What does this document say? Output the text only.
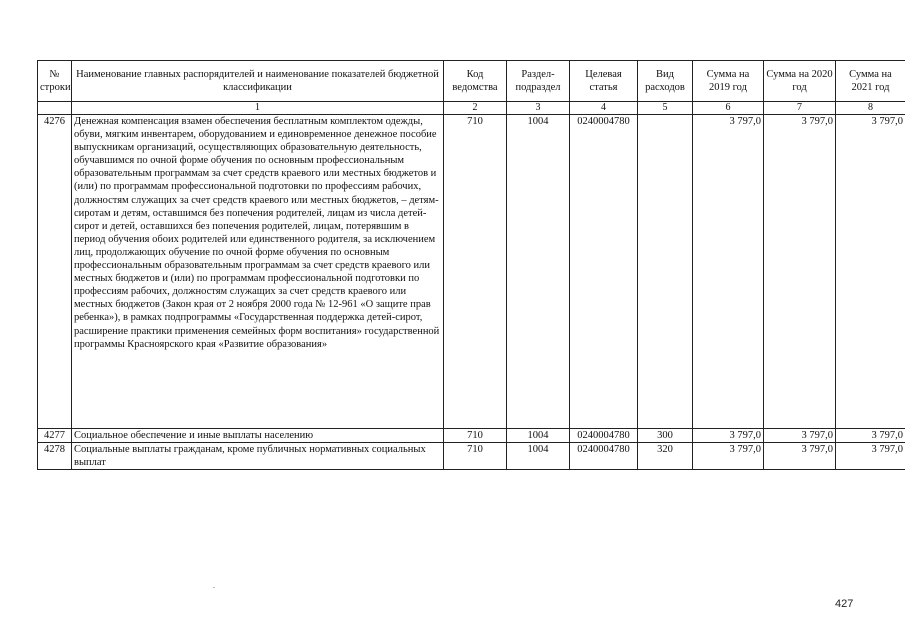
№ строки	Наименование главных распорядителей и наименование показателей бюджетной классификации	Код ведомства	Раздел-подраздел	Целевая статья	Вид расходов	Сумма на 2019 год	Сумма на 2020 год	Сумма на 2021 год
	1	2	3	4	5	6	7	8
4276	Денежная компенсация взамен обеспечения бесплатным комплектом одежды, обуви, мягким инвентарем, оборудованием и единовременное денежное пособие выпускникам организаций, осуществляющих образовательную деятельность, обучавшимся по очной форме обучения по основным профессиональным образовательным программам за счет средств краевого или местных бюджетов и (или) по программам профессиональной подготовки по профессиям рабочих, должностям служащих за счет средств краевого или местных бюджетов, – детям-сиротам и детям, оставшимся без попечения родителей, лицам из числа детей-сирот и детей, оставшихся без попечения родителей, лицам, потерявшим в период обучения обоих родителей или единственного родителя, за исключением лиц, продолжающих обучение по очной форме обучения по основным профессиональным образовательным программам за счет средств краевого или местных бюджетов и (или) по программам профессиональной подготовки по профессиям рабочих, должностям служащих за счет средств краевого или местных бюджетов (Закон края от 2 ноября 2000 года № 12-961 «О защите прав ребенка»), в рамках подпрограммы «Государственная поддержка детей-сирот, расширение практики применения семейных форм воспитания» государственной программы Красноярского края «Развитие образования»	710	1004	0240004780		3 797,0	3 797,0	3 797,0
4277	Социальное обеспечение и иные выплаты населению	710	1004	0240004780	300	3 797,0	3 797,0	3 797,0
4278	Социальные выплаты гражданам, кроме публичных нормативных социальных выплат	710	1004	0240004780	320	3 797,0	3 797,0	3 797,0
427
